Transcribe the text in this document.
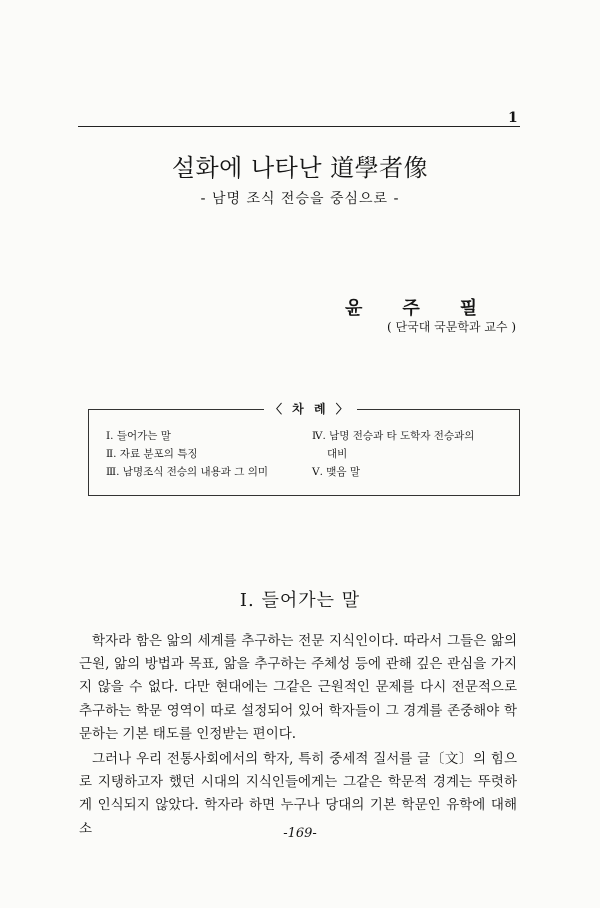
1
설화에 나타난 道學者像
- 남명 조식 전승을 중심으로 -
윤주필
( 단국대 국문학과 교수 )
〈 차 례 〉
Ⅰ. 들어가는 말
Ⅱ. 자료 분포의 특징
Ⅲ. 남명조식 전승의 내용과 그 의미
Ⅳ. 남명 전승과 타 도학자 전승과의
대비
Ⅴ. 맺음 말
Ⅰ. 들어가는 말

학자라 함은 앎의 세계를 추구하는 전문 지식인이다. 따라서 그들은 앎의 근원, 앎의 방법과 목표, 앎을 추구하는 주체성 등에 관해 깊은 관심을 가지지 않을 수 없다. 다만 현대에는 그같은 근원적인 문제를 다시 전문적으로 추구하는 학문 영역이 따로 설정되어 있어 학자들이 그 경계를 존중해야 학문하는 기본 태도를 인정받는 편이다.

그러나 우리 전통사회에서의 학자, 특히 중세적 질서를 글〔文〕의 힘으로 지탱하고자 했던 시대의 지식인들에게는 그같은 학문적 경계는 뚜렷하게 인식되지 않았다. 학자라 하면 누구나 당대의 기본 학문인 유학에 대해 소	-169-
